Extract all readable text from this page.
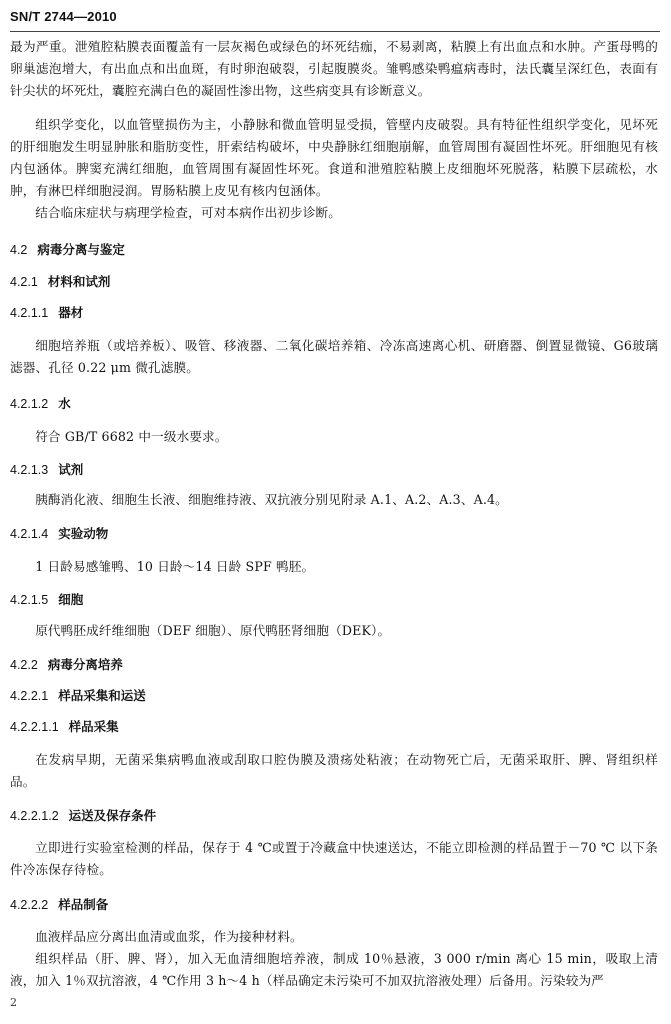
SN/T 2744—2010

最为严重。泄殖腔粘膜表面覆盖有一层灰褐色或绿色的坏死结痂，不易剥离，粘膜上有出血点和水肿。产蛋母鸭的卵巢滤泡增大，有出血点和出血斑，有时卵泡破裂，引起腹膜炎。雏鸭感染鸭瘟病毒时，法氏囊呈深红色，表面有针尖状的坏死灶，囊腔充满白色的凝固性渗出物，这些病变具有诊断意义。

组织学变化，以血管壁损伤为主，小静脉和微血管明显受损，管壁内皮破裂。具有特征性组织学变化，见坏死的肝细胞发生明显肿胀和脂肪变性，肝索结构破坏，中央静脉红细胞崩解，血管周围有凝固性坏死。肝细胞见有核内包涵体。脾窦充满红细胞，血管周围有凝固性坏死。食道和泄殖腔粘膜上皮细胞坏死脱落，粘膜下层疏松，水肿，有淋巴样细胞浸润。胃肠粘膜上皮见有核内包涵体。

结合临床症状与病理学检查，可对本病作出初步诊断。

4.2 病毒分离与鉴定
4.2.1 材料和试剂
4.2.1.1 器材

细胞培养瓶（或培养板）、吸管、移液器、二氧化碳培养箱、冷冻高速离心机、研磨器、倒置显微镜、G6玻璃滤器、孔径 0.22 μm 微孔滤膜。

4.2.1.2 水

符合 GB/T 6682 中一级水要求。

4.2.1.3 试剂

胰酶消化液、细胞生长液、细胞维持液、双抗液分别见附录 A.1、A.2、A.3、A.4。

4.2.1.4 实验动物

1 日龄易感雏鸭、10 日龄～14 日龄 SPF 鸭胚。

4.2.1.5 细胞

原代鸭胚成纤维细胞（DEF 细胞）、原代鸭胚肾细胞（DEK）。

4.2.2 病毒分离培养
4.2.2.1 样品采集和运送
4.2.2.1.1 样品采集

在发病早期，无菌采集病鸭血液或刮取口腔伪膜及溃疡处粘液；在动物死亡后，无菌采取肝、脾、肾组织样品。

4.2.2.1.2 运送及保存条件

立即进行实验室检测的样品，保存于 4 ℃或置于冷藏盒中快速送达，不能立即检测的样品置于－70 ℃ 以下条件冷冻保存待检。

4.2.2.2 样品制备

血液样品应分离出血清或血浆，作为接种材料。

组织样品（肝、脾、肾），加入无血清细胞培养液，制成 10％悬液，3 000 r/min 离心 15 min，吸取上清液，加入 1％双抗溶液，4 ℃作用 3 h～4 h（样品确定未污染可不加双抗溶液处理）后备用。污染较为严

2
